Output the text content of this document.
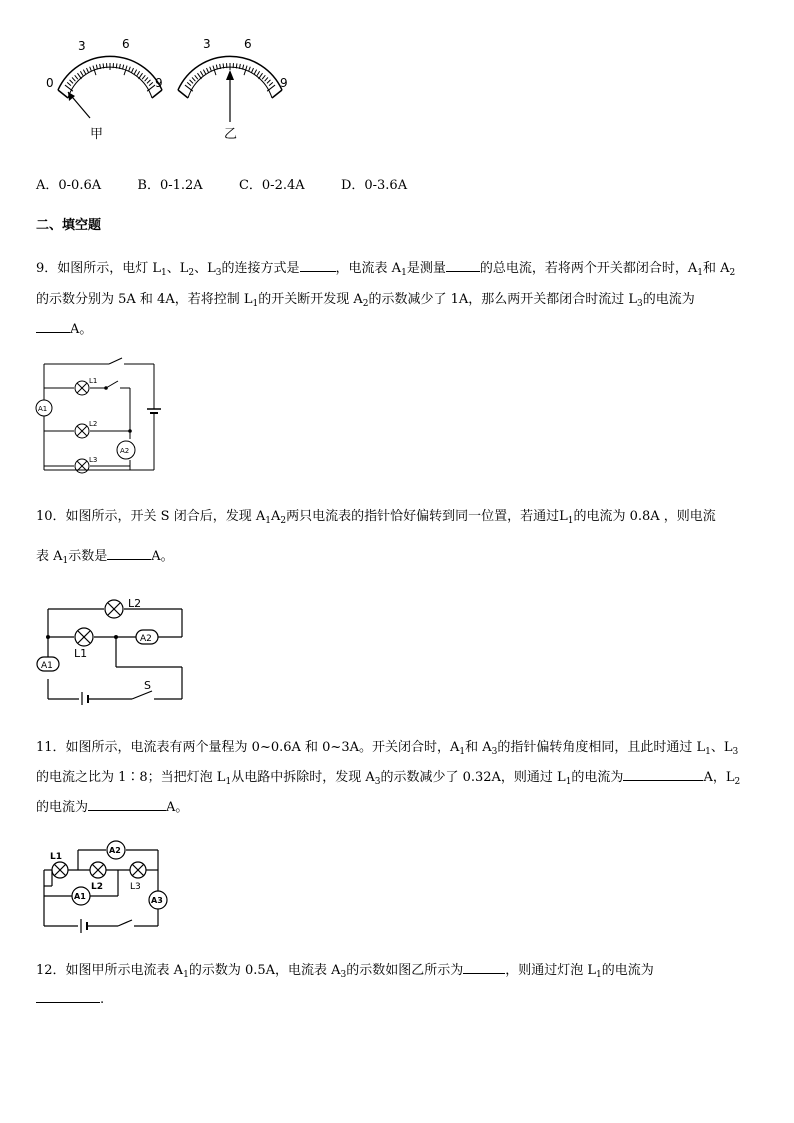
0
3	6
9
甲
3	6
9
乙
A．0-0.6A	B．0-1.2A	C．0-2.4A	D．0-3.6A
二、填空题
9．如图所示，电灯 $L_1$、$L_2$、$L_3$的连接方式是	，电流表 $A_1$是测量	的总电流，若将两个开关都闭合时，$A_1$和 $A_2$
的示数分别为 5A 和 4A，若将控制 $L_1$的开关断开发现 $A_2$的示数减少了 1A，那么两开关都闭合时流过 $L_3$的电流为
A。
A1
L1
L2
A2
L3
10．如图所示，开关 S 闭合后，发现 $A_1A_2$两只电流表的指针恰好偏转到同一位置，若通过$L_1$的电流为 0.8A ，则电流
表 $A_1$示数是	A。
L2
A2
L1
A1
S
11．如图所示，电流表有两个量程为 0~0.6A 和 0~3A。开关闭合时，$A_1$和 $A_3$的指针偏转角度相同，且此时通过 $L_1$、$L_3$
的电流之比为 1∶8；当把灯泡 $L_1$从电路中拆除时，发现 $A_3$的示数减少了 0.32A，则通过 $L_1$的电流为	A，$L_2$
的电流为	A。
L1
A2
L2	L3
A1	A3
12．如图甲所示电流表 $A_1$的示数为 0.5A，电流表 $A_3$的示数如图乙所示为	，则通过灯泡 $L_1$的电流为
.
